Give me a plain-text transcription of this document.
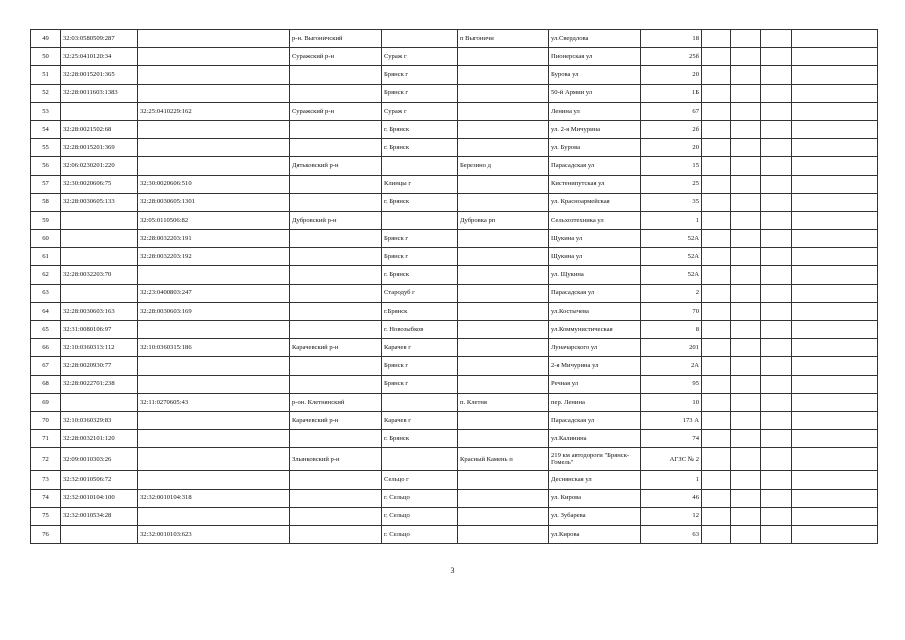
49	32:03:0580509:287		р-н. Выгоничский		п Выгоничи	ул.Свердлова	18				
50	32:25:0410120:34		Суражский р-н	Сураж г		Пионерская ул	25б				
51	32:28:0015201:365			Брянск г		Бурова ул	20				
52	32:28:0011603:1383			Брянск г		50-й Армии ул	1Б				
53		32:25:0410229:162	Суражский р-н	Сураж г		Ленина ул	67				
54	32:28:0021502:68			г. Брянск		ул. 2-я Мичурина	2б				
55	32:28:0015201:369			г. Брянск		ул. Бурова	20				
56	32:06:0230201:220		Дятьковский р-н		Березино д	Парасадская ул	15				
57	32:30:0020606:75	32:30:0020606:510		Клинцы г		Кистенипутская ул	25				
58	32:28:0030605:133	32:28:0030605:1301		г. Брянск		ул. Красноармейская	35				
59		32:05:0110506:82	Дубровский р-н		Дубровка рп	Сельхозтехника ул	1				
60		32:28:0032203:191		Брянск г		Щукина ул	52А				
61		32:28:0032203:192		Брянск г		Щукина ул	52А				
62	32:28:0032203:70			г. Брянск		ул. Щукина	52А				
63		32:23:0400803:247		Стародуб г		Парасадская ул	2				
64	32:28:0030603:163	32:28:0030603:169		г.Брянск		ул.Костычева	70				
65	32:31:0080106:97			г. Новозыбков		ул.Коммунистическая	8				
66	32:10:0360313:112	32:10:0360315:186	Карачевский р-н	Карачев г		Луначарского ул	201				
67	32:28:0020930:77			Брянск г		2-я Мичурина ул	2А				
68	32:28:0022701:238			Брянск г		Речная ул	95				
69		32:11:0270605:43	р-он. Клетнянский		п. Клетня	пер. Ленина	10				
70	32:10:0360329:83		Карачевский р-н	Карачев г		Парасадская ул	173 А				
71	32:28:0032101:120			г. Брянск		ул.Калинина	74				
72	32:09:0010303:26		Злынковский р-н		Красный Камень п	219 км автодороги "Брянск-Гомель"	АГЗС № 2				
73	32:32:0010506:72			Сельцо г		Деснянская ул	1				
74	32:32:0010104:100	32:32:0010104:318		г. Сельцо		ул. Кирова	46				
75	32:32:0010534:28			г. Сельцо		ул. Зубарева	12				
76		32:32:0010103:623		г. Сельцо		ул.Кирова	63				
3
